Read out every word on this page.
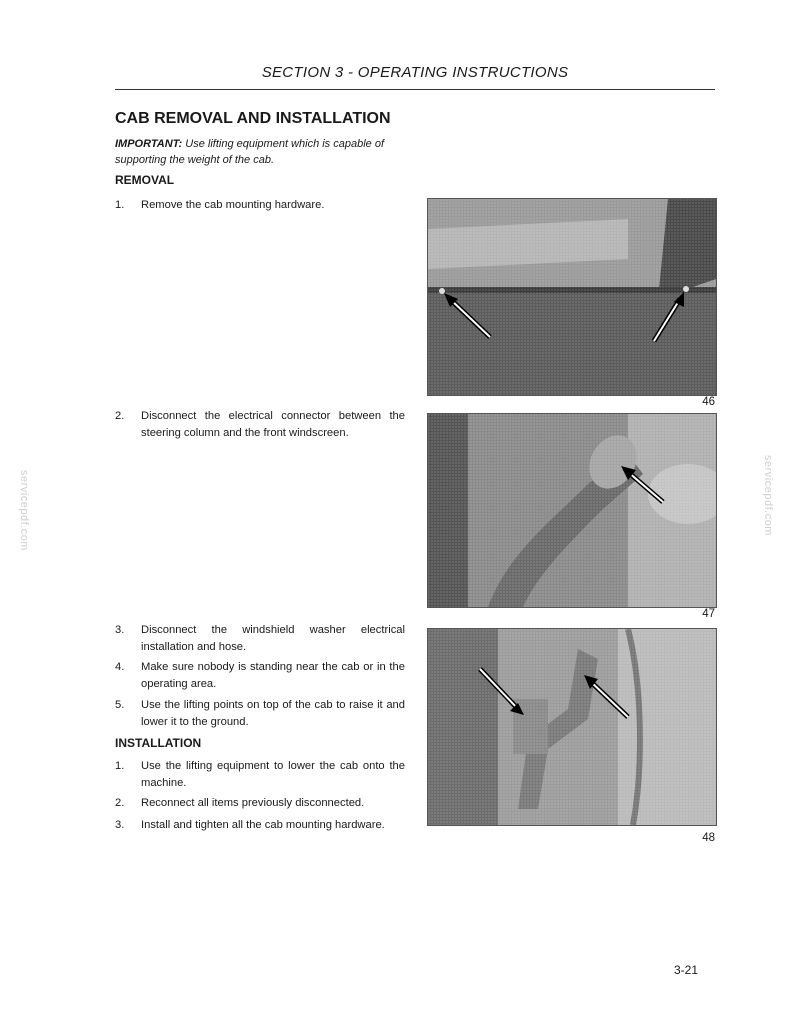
SECTION 3 - OPERATING INSTRUCTIONS
CAB REMOVAL AND INSTALLATION
IMPORTANT: Use lifting equipment which is capable of supporting the weight of the cab.
REMOVAL
1. Remove the cab mounting hardware.
2. Disconnect the electrical connector between the steering column and the front windscreen.
3. Disconnect the windshield washer electrical installation and hose.
4. Make sure nobody is standing near the cab or in the operating area.
5. Use the lifting points on top of the cab to raise it and lower it to the ground.
INSTALLATION
1. Use the lifting equipment to lower the cab onto the machine.
2. Reconnect all items previously disconnected.
3. Install and tighten all the cab mounting hardware.
46
47
48
servicepdf.com	servicepdf.com
3-21
